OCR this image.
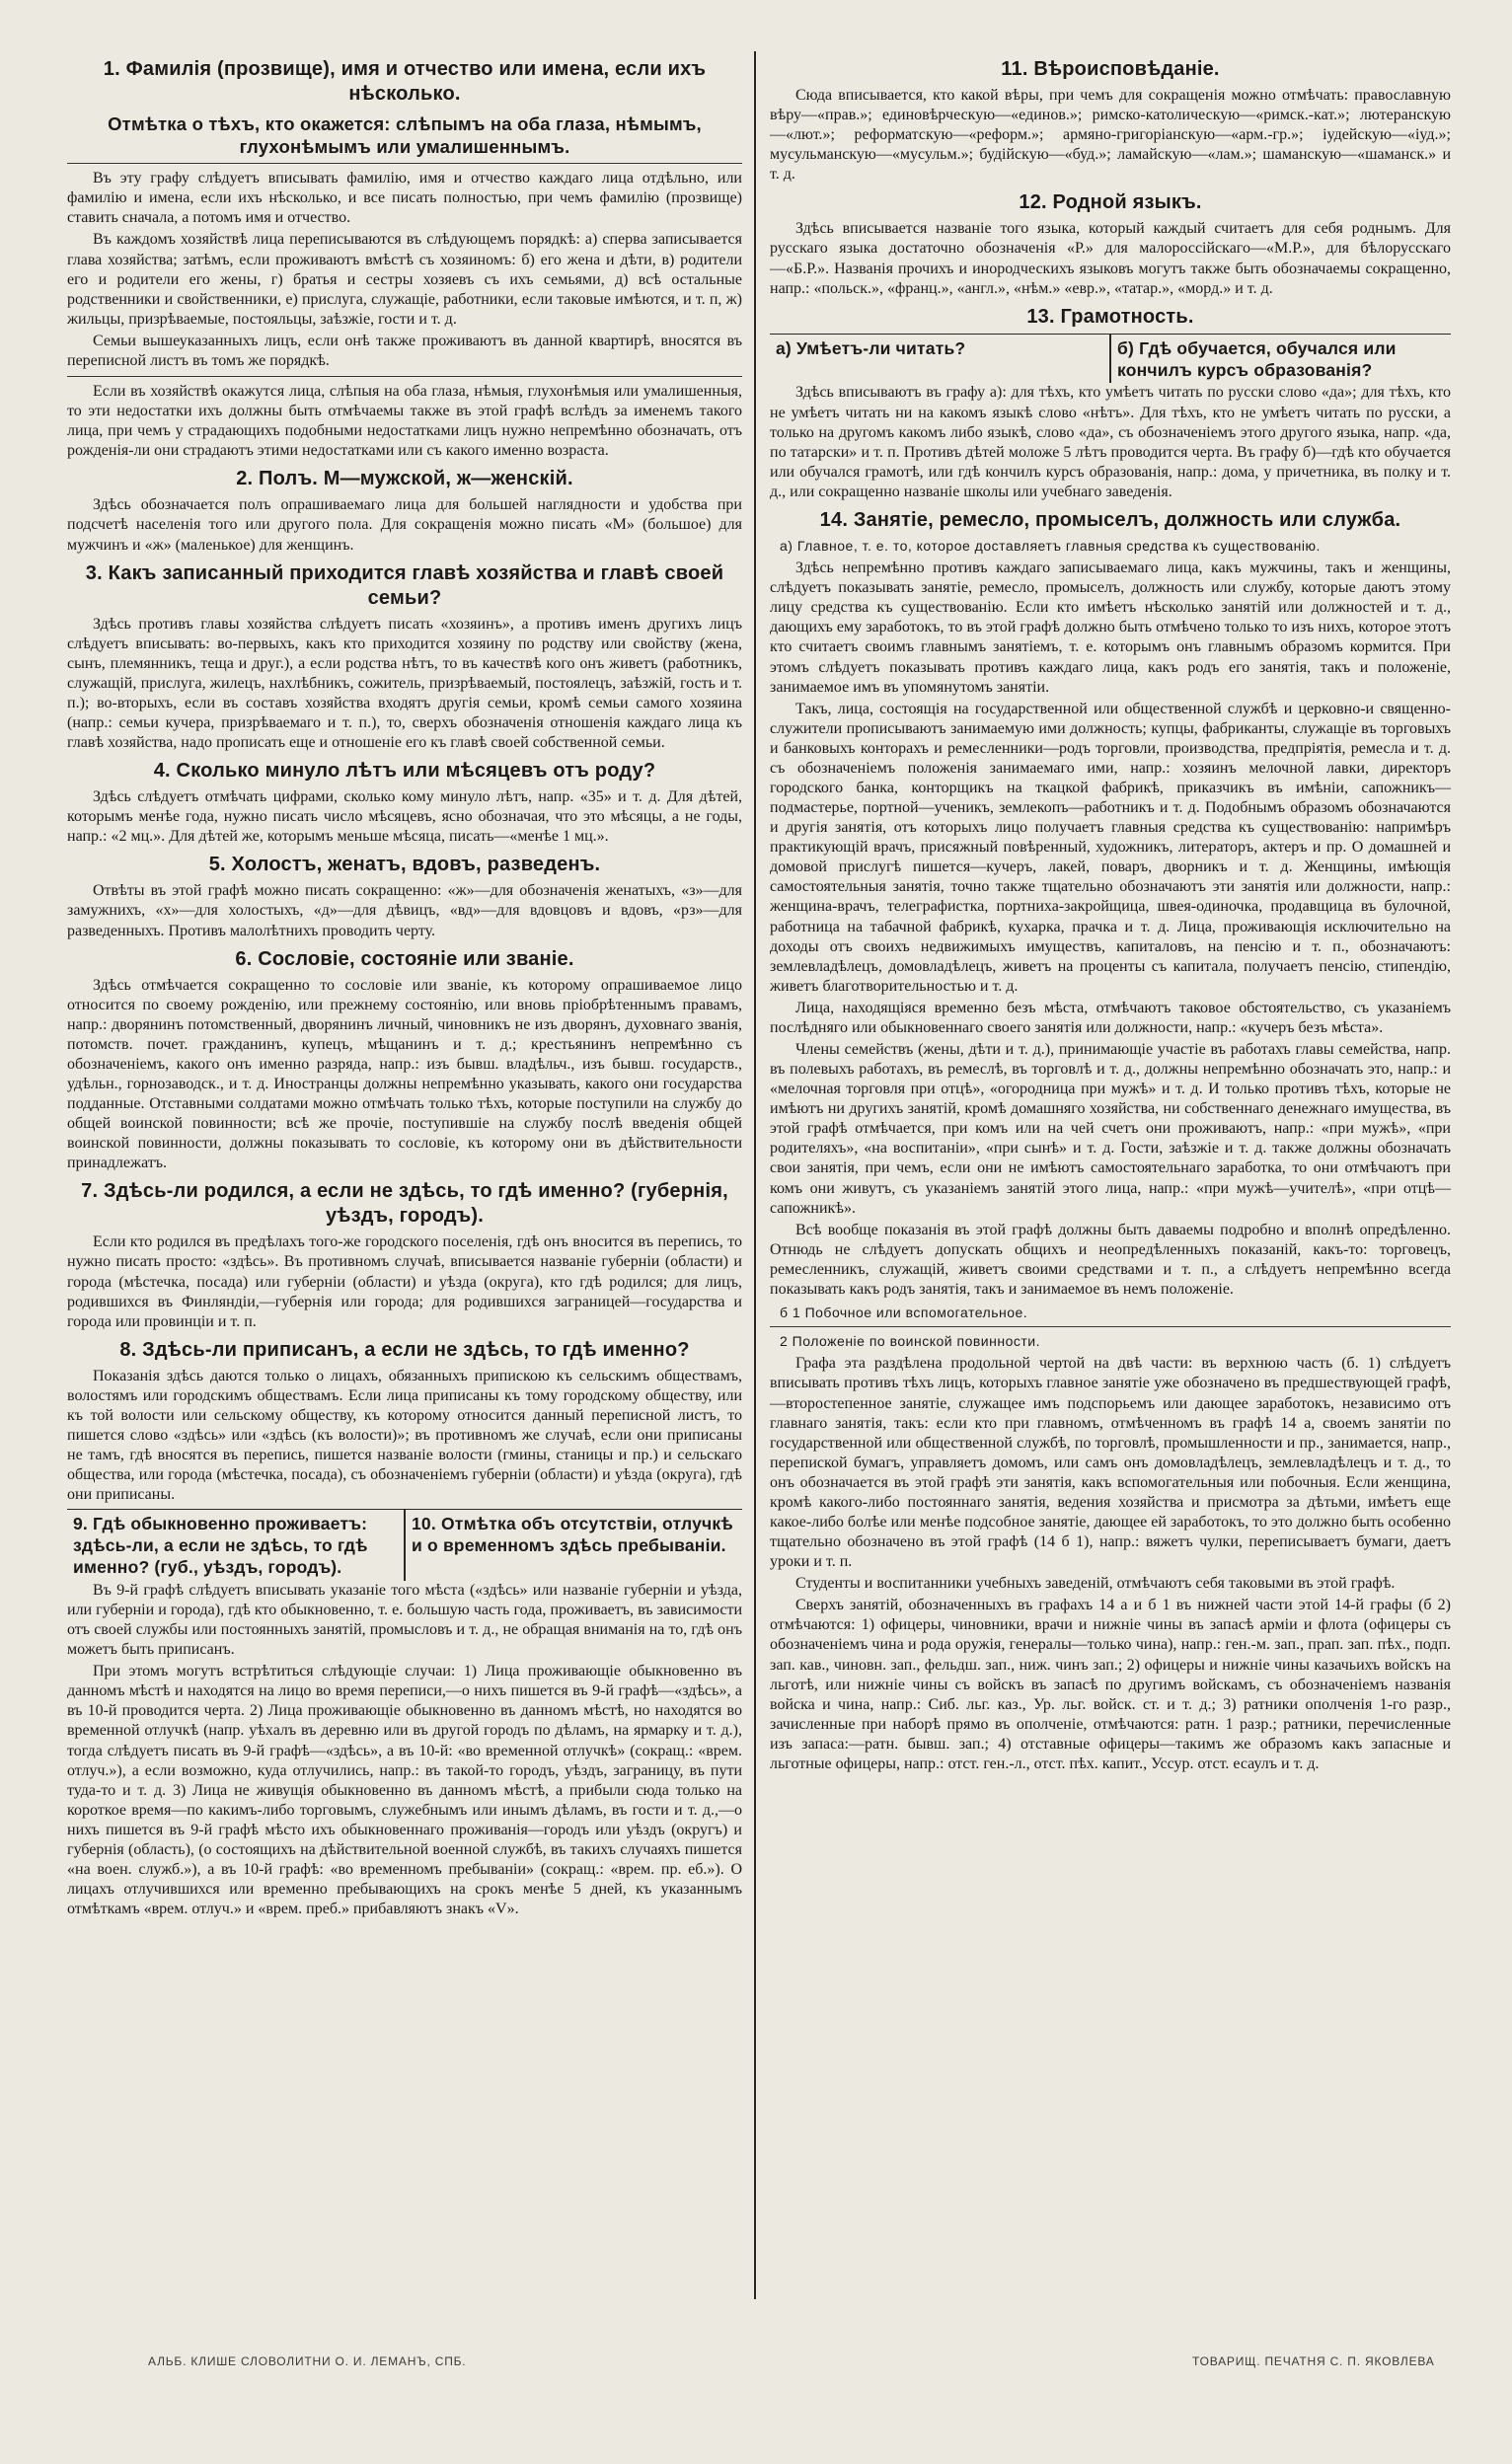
1. Фамилія (прозвище), имя и отчество или имена, если ихъ нѣсколько.
Отмѣтка о тѣхъ, кто окажется: слѣпымъ на оба глаза, нѣмымъ, глухонѣмымъ или умалишеннымъ.

Въ эту графу слѣдуетъ вписывать фамилію, имя и отчество каждаго лица отдѣльно, или фамилію и имена, если ихъ нѣсколько, и все писать полностью, при чемъ фамилію (прозвище) ставить сначала, а потомъ имя и отчество.

Въ каждомъ хозяйствѣ лица переписываются въ слѣдующемъ порядкѣ: а) сперва записывается глава хозяйства; затѣмъ, если проживаютъ вмѣстѣ съ хозяиномъ: б) его жена и дѣти, в) родители его и родители его жены, г) братья и сестры хозяевъ съ ихъ семьями, д) всѣ остальные родственники и свойственники, е) прислуга, служащіе, работники, если таковые имѣются, и т. п, ж) жильцы, призрѣваемые, постояльцы, заѣзжіе, гости и т. д.

Семьи вышеуказанныхъ лицъ, если онѣ также проживаютъ въ данной квартирѣ, вносятся въ переписной листъ въ томъ же порядкѣ.

Если въ хозяйствѣ окажутся лица, слѣпыя на оба глаза, нѣмыя, глухонѣмыя или умалишенныя, то эти недостатки ихъ должны быть отмѣчаемы также въ этой графѣ вслѣдъ за именемъ такого лица, при чемъ у страдающихъ подобными недостатками лицъ нужно непремѣнно обозначать, отъ рожденія-ли они страдаютъ этими недостатками или съ какого именно возраста.

2. Полъ. М—мужской, ж—женскій.

Здѣсь обозначается полъ опрашиваемаго лица для большей наглядности и удобства при подсчетѣ населенія того или другого пола. Для сокращенія можно писать «М» (большое) для мужчинъ и «ж» (маленькое) для женщинъ.

3. Какъ записанный приходится главѣ хозяйства и главѣ своей семьи?

Здѣсь противъ главы хозяйства слѣдуетъ писать «хозяинъ», а противъ именъ другихъ лицъ слѣдуетъ вписывать: во-первыхъ, какъ кто приходится хозяину по родству или свойству (жена, сынъ, племянникъ, теща и друг.), а если родства нѣтъ, то въ качествѣ кого онъ живетъ (работникъ, служащій, прислуга, жилецъ, нахлѣбникъ, сожитель, призрѣваемый, постоялецъ, заѣзжій, гость и т. п.); во-вторыхъ, если въ составъ хозяйства входятъ другія семьи, кромѣ семьи самого хозяина (напр.: семьи кучера, призрѣваемаго и т. п.), то, сверхъ обозначенія отношенія каждаго лица къ главѣ хозяйства, надо прописать еще и отношеніе его къ главѣ своей собственной семьи.

4. Сколько минуло лѣтъ или мѣсяцевъ отъ роду?

Здѣсь слѣдуетъ отмѣчать цифрами, сколько кому минуло лѣтъ, напр. «35» и т. д. Для дѣтей, которымъ менѣе года, нужно писать число мѣсяцевъ, ясно обозначая, что это мѣсяцы, а не годы, напр.: «2 мц.». Для дѣтей же, которымъ меньше мѣсяца, писать—«менѣе 1 мц.».

5. Холостъ, женатъ, вдовъ, разведенъ.

Отвѣты въ этой графѣ можно писать сокращенно: «ж»—для обозначенія женатыхъ, «з»—для замужнихъ, «х»—для холостыхъ, «д»—для дѣвицъ, «вд»—для вдовцовъ и вдовъ, «рз»—для разведенныхъ. Противъ малолѣтнихъ проводить черту.

6. Сословіе, состояніе или званіе.

Здѣсь отмѣчается сокращенно то сословіе или званіе, къ которому опрашиваемое лицо относится по своему рожденію, или прежнему состоянію, или вновь пріобрѣтеннымъ правамъ, напр.: дворянинъ потомственный, дворянинъ личный, чиновникъ не изъ дворянъ, духовнаго званія, потомств. почет. гражданинъ, купецъ, мѣщанинъ и т. д.; крестьянинъ непремѣнно съ обозначеніемъ, какого онъ именно разряда, напр.: изъ бывш. владѣльч., изъ бывш. государств., удѣльн., горнозаводск., и т. д. Иностранцы должны непремѣнно указывать, какого они государства подданные. Отставными солдатами можно отмѣчать только тѣхъ, которые поступили на службу до общей воинской повинности; всѣ же прочіе, поступившіе на службу послѣ введенія общей воинской повинности, должны показывать то сословіе, къ которому они въ дѣйствительности принадлежатъ.

7. Здѣсь-ли родился, а если не здѣсь, то гдѣ именно? (губернія, уѣздъ, городъ).

Если кто родился въ предѣлахъ того-же городского поселенія, гдѣ онъ вносится въ перепись, то нужно писать просто: «здѣсь». Въ противномъ случаѣ, вписывается названіе губерніи (области) и города (мѣстечка, посада) или губерніи (области) и уѣзда (округа), кто гдѣ родился; для лицъ, родившихся въ Финляндіи,—губернія или города; для родившихся заграницей—государства и города или провинціи и т. п.

8. Здѣсь-ли приписанъ, а если не здѣсь, то гдѣ именно?

Показанія здѣсь даются только о лицахъ, обязанныхъ припискою къ сельскимъ обществамъ, волостямъ или городскимъ обществамъ. Если лица приписаны къ тому городскому обществу, или къ той волости или сельскому обществу, къ которому относится данный переписной листъ, то пишется слово «здѣсь» или «здѣсь (къ волости)»; въ противномъ же случаѣ, если они приписаны не тамъ, гдѣ вносятся въ перепись, пишется названіе волости (гмины, станицы и пр.) и сельскаго общества, или города (мѣстечка, посада), съ обозначеніемъ губерніи (области) и уѣзда (округа), гдѣ они приписаны.

9. Гдѣ обыкновенно проживаетъ: здѣсь-ли, а если не здѣсь, то гдѣ именно? (губ., уѣздъ, городъ).
10. Отмѣтка объ отсутствіи, отлучкѣ и о временномъ здѣсь пребываніи.

Въ 9-й графѣ слѣдуетъ вписывать указаніе того мѣста («здѣсь» или названіе губерніи и уѣзда, или губерніи и города), гдѣ кто обыкновенно, т. е. большую часть года, проживаетъ, въ зависимости отъ своей службы или постоянныхъ занятій, промысловъ и т. д., не обращая вниманія на то, гдѣ онъ можетъ быть приписанъ.

При этомъ могутъ встрѣтиться слѣдующіе случаи: 1) Лица проживающіе обыкновенно въ данномъ мѣстѣ и находятся на лицо во время переписи,—о нихъ пишется въ 9-й графѣ—«здѣсь», а въ 10-й проводится черта. 2) Лица проживающіе обыкновенно въ данномъ мѣстѣ, но находятся во временной отлучкѣ (напр. уѣхалъ въ деревню или въ другой городъ по дѣламъ, на ярмарку и т. д.), тогда слѣдуетъ писать въ 9-й графѣ—«здѣсь», а въ 10-й: «во временной отлучкѣ» (сокращ.: «врем. отлуч.»), а если возможно, куда отлучились, напр.: въ такой-то городъ, уѣздъ, заграницу, въ пути туда-то и т. д. 3) Лица не живущія обыкновенно въ данномъ мѣстѣ, а прибыли сюда только на короткое время—по какимъ-либо торговымъ, служебнымъ или инымъ дѣламъ, въ гости и т. д.,—о нихъ пишется въ 9-й графѣ мѣсто ихъ обыкновеннаго проживанія—городъ или уѣздъ (округъ) и губернія (область), (о состоящихъ на дѣйствительной военной службѣ, въ такихъ случаяхъ пишется «на воен. служб.»), а въ 10-й графѣ: «во временномъ пребываніи» (сокращ.: «врем. пр. еб.»). О лицахъ отлучившихся или временно пребывающихъ на срокъ менѣе 5 дней, къ указаннымъ отмѣткамъ «врем. отлуч.» и «врем. преб.» прибавляютъ знакъ «V».

11. Вѣроисповѣданіе.

Сюда вписывается, кто какой вѣры, при чемъ для сокращенія можно отмѣчать: православную вѣру—«прав.»; единовѣрческую—«единов.»; римско-католическую—«римск.-кат.»; лютеранскую—«лют.»; реформатскую—«реформ.»; армяно-григоріанскую—«арм.-гр.»; іудейскую—«іуд.»; мусульманскую—«мусульм.»; будійскую—«буд.»; ламайскую—«лам.»; шаманскую—«шаманск.» и т. д.

12. Родной языкъ.

Здѣсь вписывается названіе того языка, который каждый считаетъ для себя роднымъ. Для русскаго языка достаточно обозначенія «Р.» для малороссійскаго—«М.Р.», для бѣлорусскаго—«Б.Р.». Названія прочихъ и инородческихъ языковъ могутъ также быть обозначаемы сокращенно, напр.: «польск.», «франц.», «англ.», «нѣм.» «евр.», «татар.», «морд.» и т. д.

13. Грамотность.
а) Умѣетъ-ли читать?	б) Гдѣ обучается, обучался или кончилъ курсъ образованія?

Здѣсь вписываютъ въ графу а): для тѣхъ, кто умѣетъ читать по русски слово «да»; для тѣхъ, кто не умѣетъ читать ни на какомъ языкѣ слово «нѣтъ». Для тѣхъ, кто не умѣетъ читать по русски, а только на другомъ какомъ либо языкѣ, слово «да», съ обозначеніемъ этого другого языка, напр. «да, по татарски» и т. п. Противъ дѣтей моложе 5 лѣтъ проводится черта. Въ графу б)—гдѣ кто обучается или обучался грамотѣ, или гдѣ кончилъ курсъ образованія, напр.: дома, у причетника, въ полку и т. д., или сокращенно названіе школы или учебнаго заведенія.

14. Занятіе, ремесло, промыселъ, должность или служба.
а) Главное, т. е. то, которое доставляетъ главныя средства къ существованію.

Здѣсь непремѣнно противъ каждаго записываемаго лица, какъ мужчины, такъ и женщины, слѣдуетъ показывать занятіе, ремесло, промыселъ, должность или службу, которые даютъ этому лицу средства къ существованію. Если кто имѣетъ нѣсколько занятій или должностей и т. д., дающихъ ему заработокъ, то въ этой графѣ должно быть отмѣчено только то изъ нихъ, которое этотъ кто считаетъ своимъ главнымъ занятіемъ, т. е. которымъ онъ главнымъ образомъ кормится. При этомъ слѣдуетъ показывать противъ каждаго лица, какъ родъ его занятія, такъ и положеніе, занимаемое имъ въ упомянутомъ занятіи.

Такъ, лица, состоящія на государственной или общественной службѣ и церковно-и священно-служители прописываютъ занимаемую ими должность; купцы, фабриканты, служащіе въ торговыхъ и банковыхъ конторахъ и ремесленники—родъ торговли, производства, предпріятія, ремесла и т. д. съ обозначеніемъ положенія занимаемаго ими, напр.: хозяинъ мелочной лавки, директоръ городского банка, конторщикъ на ткацкой фабрикѣ, приказчикъ въ имѣніи, сапожникъ—подмастерье, портной—ученикъ, землекопъ—работникъ и т. д. Подобнымъ образомъ обозначаются и другія занятія, отъ которыхъ лицо получаетъ главныя средства къ существованію: напримѣръ практикующій врачъ, присяжный повѣренный, художникъ, литераторъ, актеръ и пр. О домашней и домовой прислугѣ пишется—кучеръ, лакей, поваръ, дворникъ и т. д. Женщины, имѣющія самостоятельныя занятія, точно также тщательно обозначаютъ эти занятія или должности, напр.: женщина-врачъ, телеграфистка, портниха-закройщица, швея-одиночка, продавщица въ булочной, работница на табачной фабрикѣ, кухарка, прачка и т. д. Лица, проживающія исключительно на доходы отъ своихъ недвижимыхъ имуществъ, капиталовъ, на пенсію и т. п., обозначаютъ: землевладѣлецъ, домовладѣлецъ, живетъ на проценты съ капитала, получаетъ пенсію, стипендію, живетъ благотворительностью и т. д.

Лица, находящіяся временно безъ мѣста, отмѣчаютъ таковое обстоятельство, съ указаніемъ послѣдняго или обыкновеннаго своего занятія или должности, напр.: «кучеръ безъ мѣста».

Члены семействъ (жены, дѣти и т. д.), принимающіе участіе въ работахъ главы семейства, напр. въ полевыхъ работахъ, въ ремеслѣ, въ торговлѣ и т. д., должны непремѣнно обозначать это, напр.: и «мелочная торговля при отцѣ», «огородница при мужѣ» и т. д. И только противъ тѣхъ, которые не имѣютъ ни другихъ занятій, кромѣ домашняго хозяйства, ни собственнаго денежнаго имущества, въ этой графѣ отмѣчается, при комъ или на чей счетъ они проживаютъ, напр.: «при мужѣ», «при родителяхъ», «на воспитаніи», «при сынѣ» и т. д. Гости, заѣзжіе и т. д. также должны обозначать свои занятія, при чемъ, если они не имѣютъ самостоятельнаго заработка, то они отмѣчаютъ при комъ они живутъ, съ указаніемъ занятій этого лица, напр.: «при мужѣ—учителѣ», «при отцѣ—сапожникѣ».

Всѣ вообще показанія въ этой графѣ должны быть даваемы подробно и вполнѣ опредѣленно. Отнюдь не слѣдуетъ допускать общихъ и неопредѣленныхъ показаній, какъ-то: торговецъ, ремесленникъ, служащій, живетъ своими средствами и т. п., а слѣдуетъ непремѣнно всегда показывать какъ родъ занятія, такъ и занимаемое въ немъ положеніе.

б 1 Побочное или вспомогательное.
2 Положеніе по воинской повинности.

Графа эта раздѣлена продольной чертой на двѣ части: въ верхнюю часть (б. 1) слѣдуетъ вписывать противъ тѣхъ лицъ, которыхъ главное занятіе уже обозначено въ предшествующей графѣ,—второстепенное занятіе, служащее имъ подспорьемъ или дающее заработокъ, независимо отъ главнаго занятія, такъ: если кто при главномъ, отмѣченномъ въ графѣ 14 а, своемъ занятіи по государственной или общественной службѣ, по торговлѣ, промышленности и пр., занимается, напр., перепиской бумагъ, управляетъ домомъ, или самъ онъ домовладѣлецъ, землевладѣлецъ и т. д., то онъ обозначается въ этой графѣ эти занятія, какъ вспомогательныя или побочныя. Если женщина, кромѣ какого-либо постояннаго занятія, ведения хозяйства и присмотра за дѣтьми, имѣетъ еще какое-либо болѣе или менѣе подсобное занятіе, дающее ей заработокъ, то это должно быть особенно тщательно обозначено въ этой графѣ (14 б 1), напр.: вяжетъ чулки, переписываетъ бумаги, даетъ уроки и т. п.

Студенты и воспитанники учебныхъ заведеній, отмѣчаютъ себя таковыми въ этой графѣ.

Сверхъ занятій, обозначенныхъ въ графахъ 14 а и б 1 въ нижней части этой 14-й графы (б 2) отмѣчаются: 1) офицеры, чиновники, врачи и нижніе чины въ запасѣ арміи и флота (офицеры съ обозначеніемъ чина и рода оружія, генералы—только чина), напр.: ген.-м. зап., прап. зап. пѣх., подп. зап. кав., чиновн. зап., фельдш. зап., ниж. чинъ зап.; 2) офицеры и нижніе чины казачьихъ войскъ на льготѣ, или нижніе чины съ войскъ въ запасѣ по другимъ войскамъ, съ обозначеніемъ названія войска и чина, напр.: Сиб. льг. каз., Ур. льг. войск. ст. и т. д.; 3) ратники ополченія 1-го разр., зачисленные при наборѣ прямо въ ополченіе, отмѣчаются: ратн. 1 разр.; ратники, перечисленные изъ запаса:—ратн. бывш. зап.; 4) отставные офицеры—такимъ же образомъ какъ запасные и льготные офицеры, напр.: отст. ген.-л., отст. пѣх. капит., Уссур. отст. есаулъ и т. д.

АЛЬБ. КЛИШЕ СЛОВОЛИТНИ О. И. ЛЕМАНЪ, СПБ.	ТОВАРИЩ. ПЕЧАТНЯ С. П. ЯКОВЛЕВА
